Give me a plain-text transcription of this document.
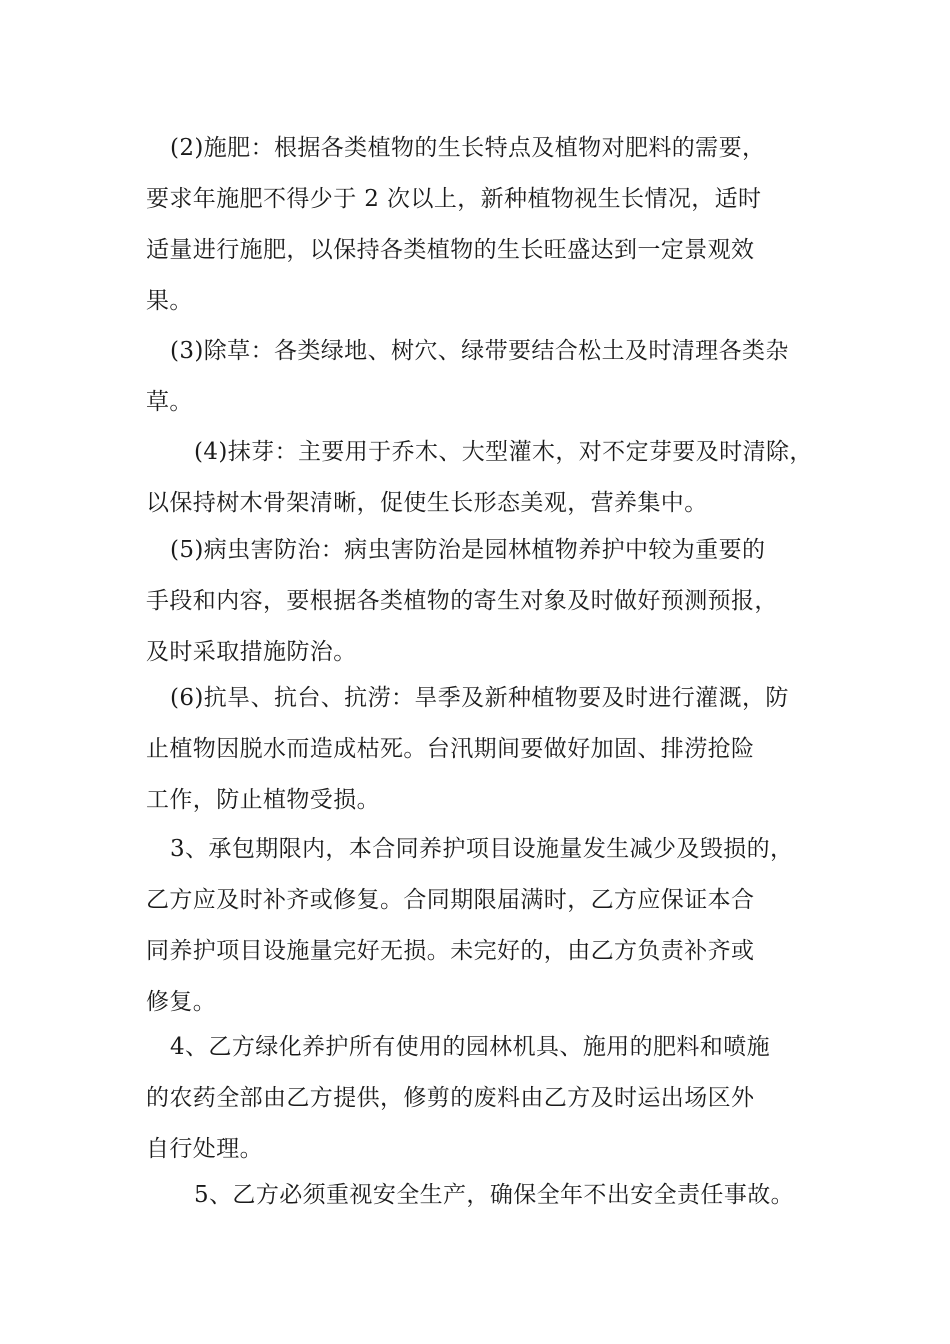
(2)施肥：根据各类植物的生长特点及植物对肥料的需要，
要求年施肥不得少于 2 次以上，新种植物视生长情况，适时
适量进行施肥，以保持各类植物的生长旺盛达到一定景观效
果。

(3)除草：各类绿地、树穴、绿带要结合松土及时清理各类杂
草。

(4)抹芽：主要用于乔木、大型灌木，对不定芽要及时清除，
以保持树木骨架清晰，促使生长形态美观，营养集中。

(5)病虫害防治：病虫害防治是园林植物养护中较为重要的
手段和内容，要根据各类植物的寄生对象及时做好预测预报，
及时采取措施防治。

(6)抗旱、抗台、抗涝：旱季及新种植物要及时进行灌溉，防
止植物因脱水而造成枯死。台汛期间要做好加固、排涝抢险
工作，防止植物受损。

3、承包期限内，本合同养护项目设施量发生减少及毁损的，
乙方应及时补齐或修复。合同期限届满时，乙方应保证本合
同养护项目设施量完好无损。未完好的，由乙方负责补齐或
修复。

4、乙方绿化养护所有使用的园林机具、施用的肥料和喷施
的农药全部由乙方提供，修剪的废料由乙方及时运出场区外
自行处理。

5、乙方必须重视安全生产，确保全年不出安全责任事故。
